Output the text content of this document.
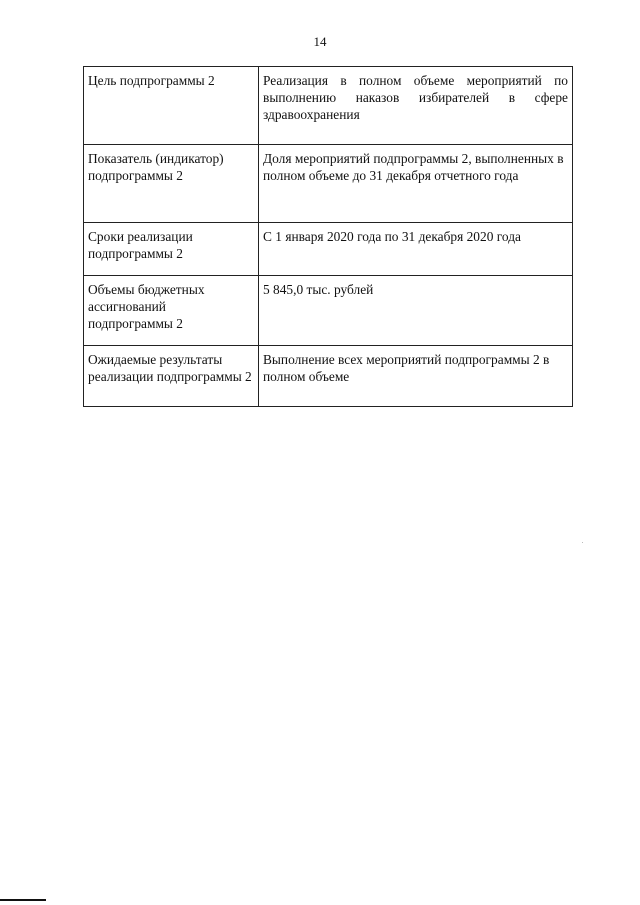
14
Цель подпрограммы 2	Реализация в полном объеме мероприятий по выполнению наказов избирателей в сфере здравоохранения
Показатель (индикатор) подпрограммы 2	Доля мероприятий подпрограммы 2, выполненных в полном объеме до 31 декабря отчетного года
Сроки реализации подпрограммы 2	С 1 января 2020 года по 31 декабря 2020 года
Объемы бюджетных ассигнований подпрограммы 2	5 845,0 тыс. рублей
Ожидаемые результаты реализации подпрограммы 2	Выполнение всех мероприятий подпрограммы 2 в полном объеме
